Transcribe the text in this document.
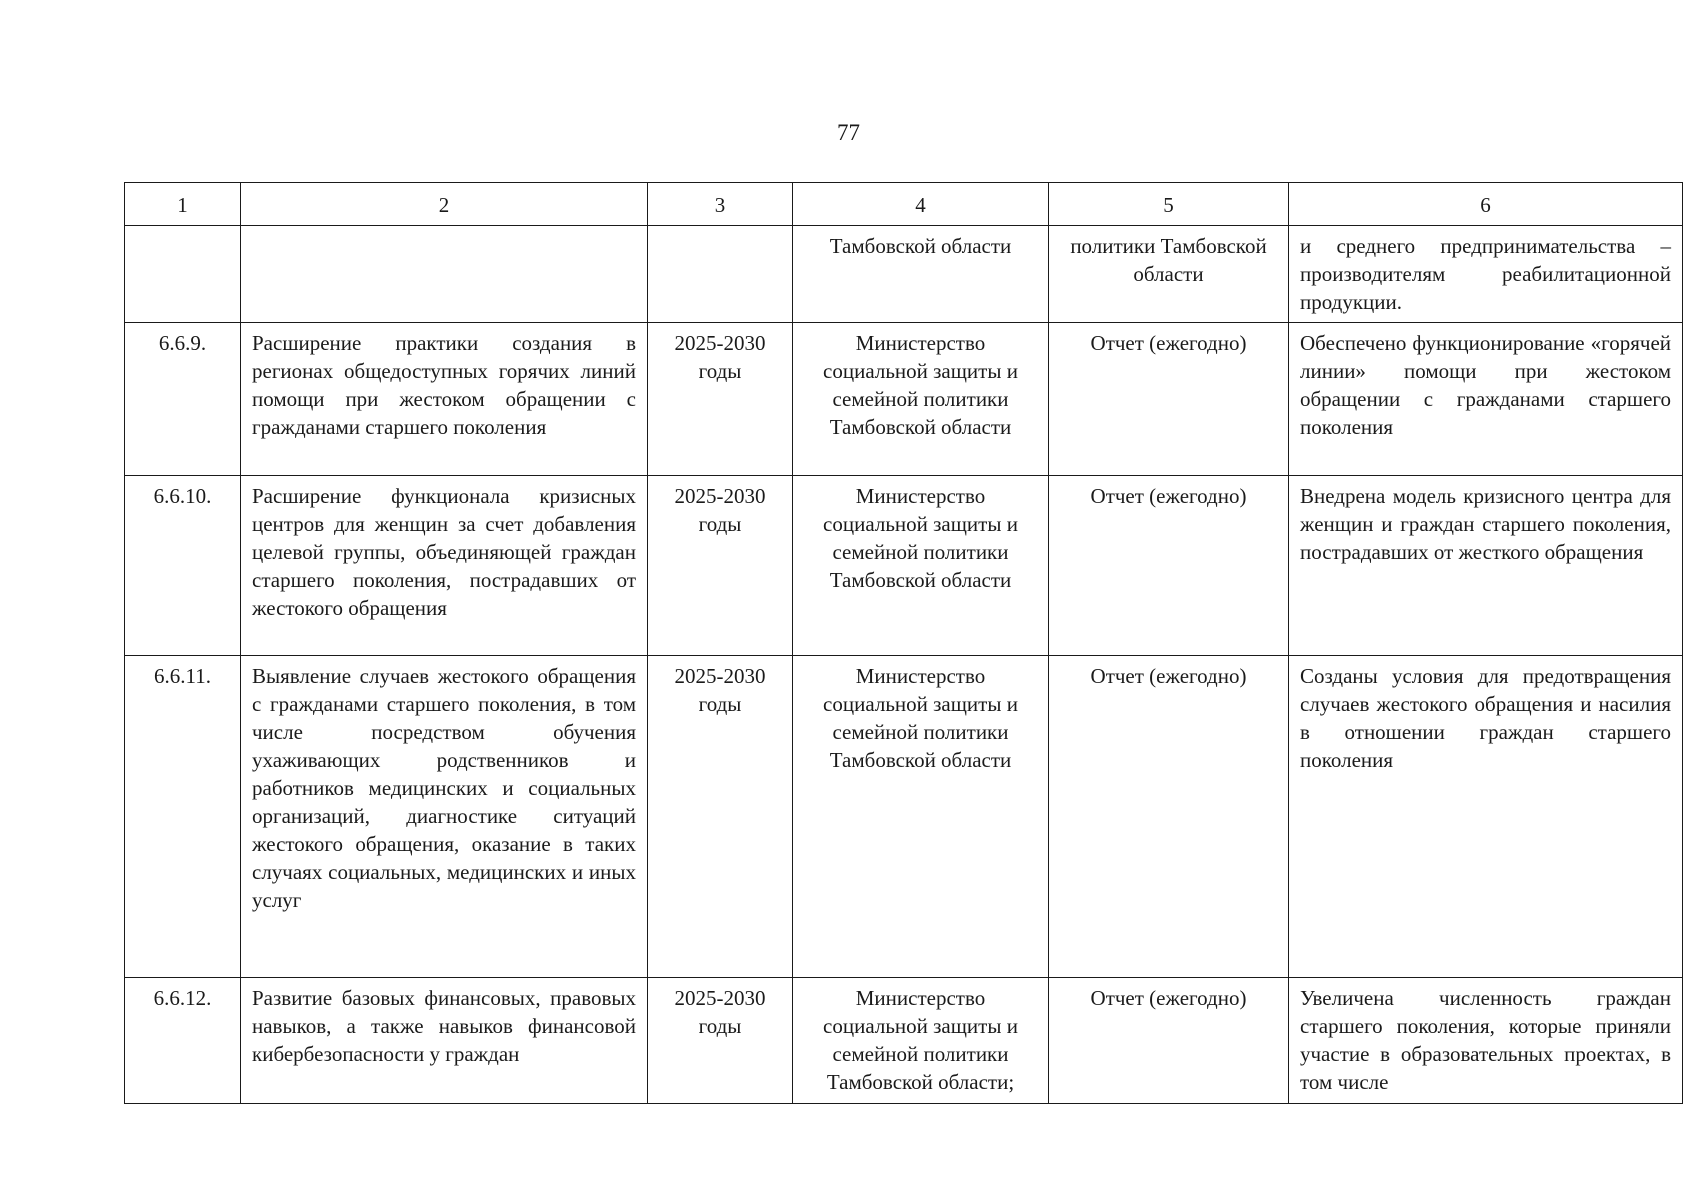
77
1	2	3	4	5	6
			Тамбовской области	политики Тамбовской области	и среднего предпринимательства – производителям реабилитационной продукции.
6.6.9.	Расширение практики создания в регионах общедоступных горячих линий помощи при жестоком обращении с гражданами старшего поколения	2025-2030 годы	Министерство социальной защиты и семейной политики Тамбовской области	Отчет (ежегодно)	Обеспечено функционирование «горячей линии» помощи при жестоком обращении с гражданами старшего поколения
6.6.10.	Расширение функционала кризисных центров для женщин за счет добавления целевой группы, объединяющей граждан старшего поколения, пострадавших от жестокого обращения	2025-2030 годы	Министерство социальной защиты и семейной политики Тамбовской области	Отчет (ежегодно)	Внедрена модель кризисного центра для женщин и граждан старшего поколения, пострадавших от жесткого обращения
6.6.11.	Выявление случаев жестокого обращения с гражданами старшего поколения, в том числе посредством обучения ухаживающих родственников и работников медицинских и социальных организаций, диагностике ситуаций жестокого обращения, оказание в таких случаях социальных, медицинских и иных услуг	2025-2030 годы	Министерство социальной защиты и семейной политики Тамбовской области	Отчет (ежегодно)	Созданы условия для предотвращения случаев жестокого обращения и насилия в отношении граждан старшего поколения
6.6.12.	Развитие базовых финансовых, правовых навыков, а также навыков финансовой кибербезопасности у граждан	2025-2030 годы	Министерство социальной защиты и семейной политики Тамбовской области;	Отчет (ежегодно)	Увеличена численность граждан старшего поколения, которые приняли участие в образовательных проектах, в том числе
